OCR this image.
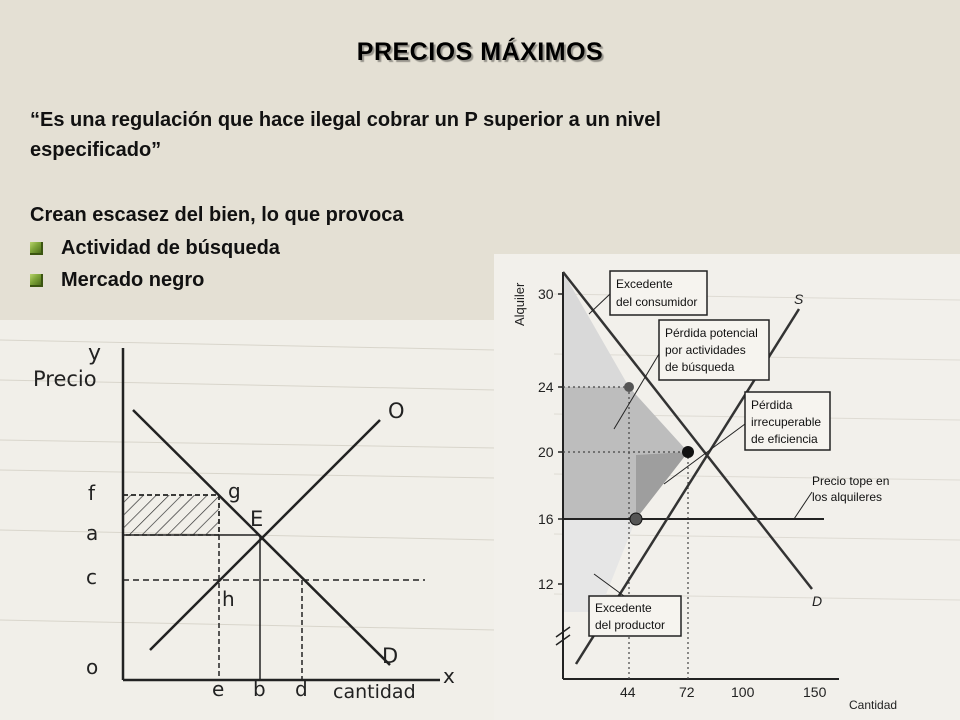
y
Precio
f
a
c
o
g
E
h
O
D
e b d cantidad
x
30
24
20
16
12
44	72	100	150
Alquiler
Cantidad
S
D
Excedente
del consumidor
Pérdida potencial
por actividades
de búsqueda
Pérdida
irrecuperable
de eficiencia
Precio tope en
los alquileres
Excedente
del productor
PRECIOS MÁXIMOS
“Es una regulación que hace ilegal cobrar un P superior a un nivel
especificado”
Crean escasez del bien, lo que provoca
Actividad de búsqueda
Mercado negro
